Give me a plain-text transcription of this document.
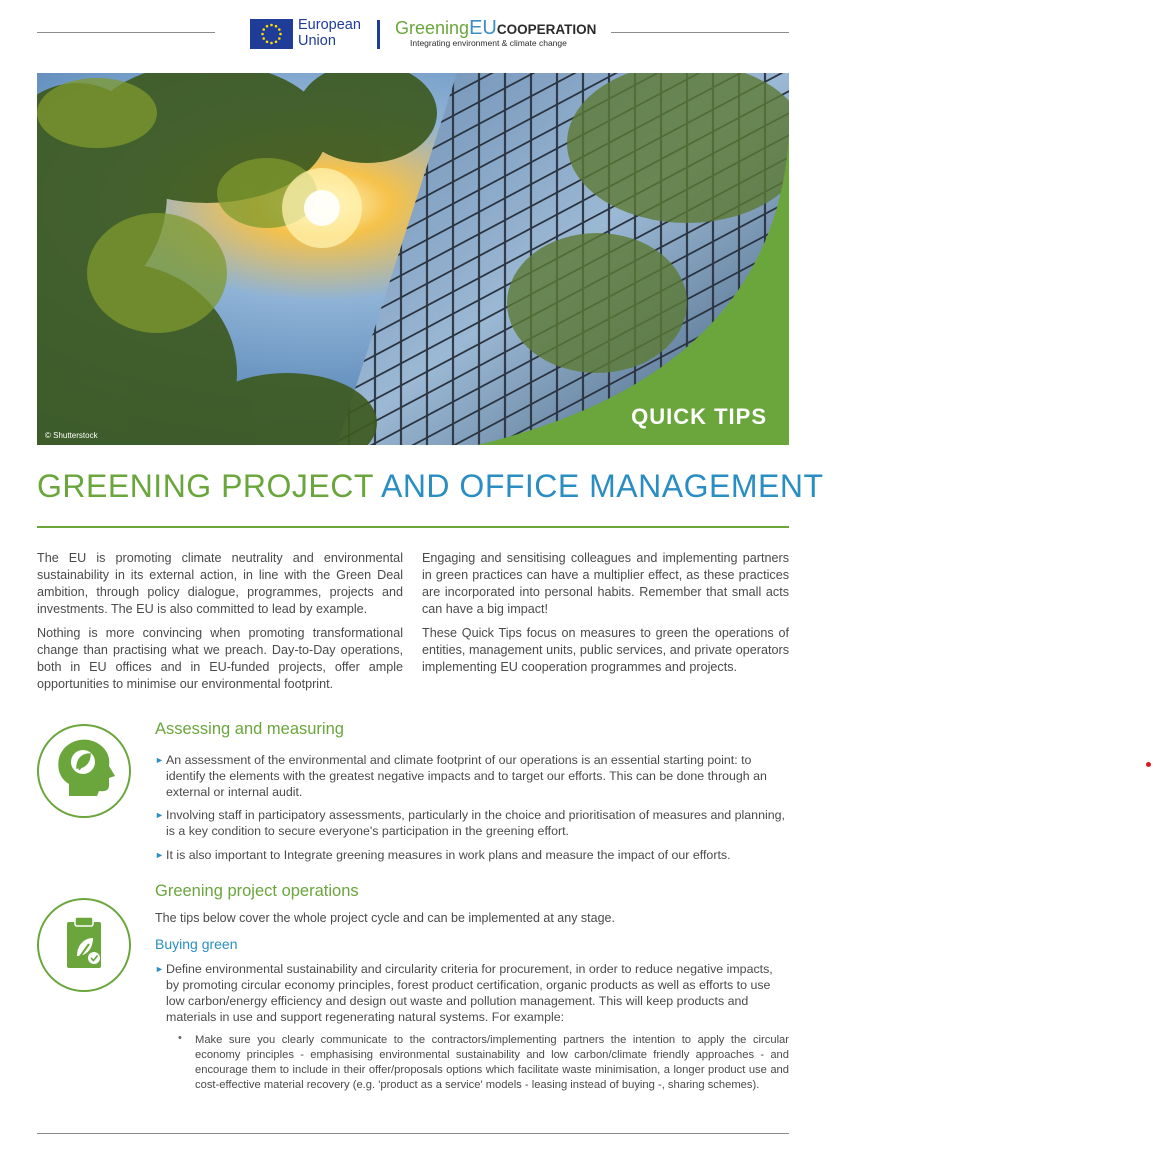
European
Union
GreeningEUCOOPERATION
Integrating environment & climate change
© Shutterstock
QUICK TIPS
GREENING PROJECT AND OFFICE MANAGEMENT

The EU is promoting climate neutrality and environmental sustainability in its external action, in line with the Green Deal ambition, through policy dialogue, programmes, projects and investments. The EU is also committed to lead by example.

Nothing is more convincing when promoting transformational change than practising what we preach. Day-to-Day operations, both in EU offices and in EU-funded projects, offer ample opportunities to minimise our environmental footprint.

Engaging and sensitising colleagues and implementing partners in green practices can have a multiplier effect, as these practices are incorporated into personal habits. Remember that small acts can have a big impact!

These Quick Tips focus on measures to green the operations of entities, management units, public services, and private operators implementing EU cooperation programmes and projects.

Assessing and measuring
► An assessment of the environmental and climate footprint of our operations is an essential starting point: to identify the elements with the greatest negative impacts and to target our efforts. This can be done through an external or internal audit.
► Involving staff in participatory assessments, particularly in the choice and prioritisation of measures and planning, is a key condition to secure everyone's participation in the greening effort.
► It is also important to Integrate greening measures in work plans and measure the impact of our efforts.
Greening project operations
The tips below cover the whole project cycle and can be implemented at any stage.
Buying green
► Define environmental sustainability and circularity criteria for procurement, in order to reduce negative impacts, by promoting circular economy principles, forest product certification, organic products as well as efforts to use low carbon/energy efficiency and design out waste and pollution management. This will keep products and materials in use and support regenerating natural systems. For example:
• Make sure you clearly communicate to the contractors/implementing partners the intention to apply the circular economy principles - emphasising environmental sustainability and low carbon/climate friendly approaches - and encourage them to include in their offer/proposals options which facilitate waste minimisation, a longer product use and cost-effective material recovery (e.g. 'product as a service' models - leasing instead of buying -, sharing schemes).
